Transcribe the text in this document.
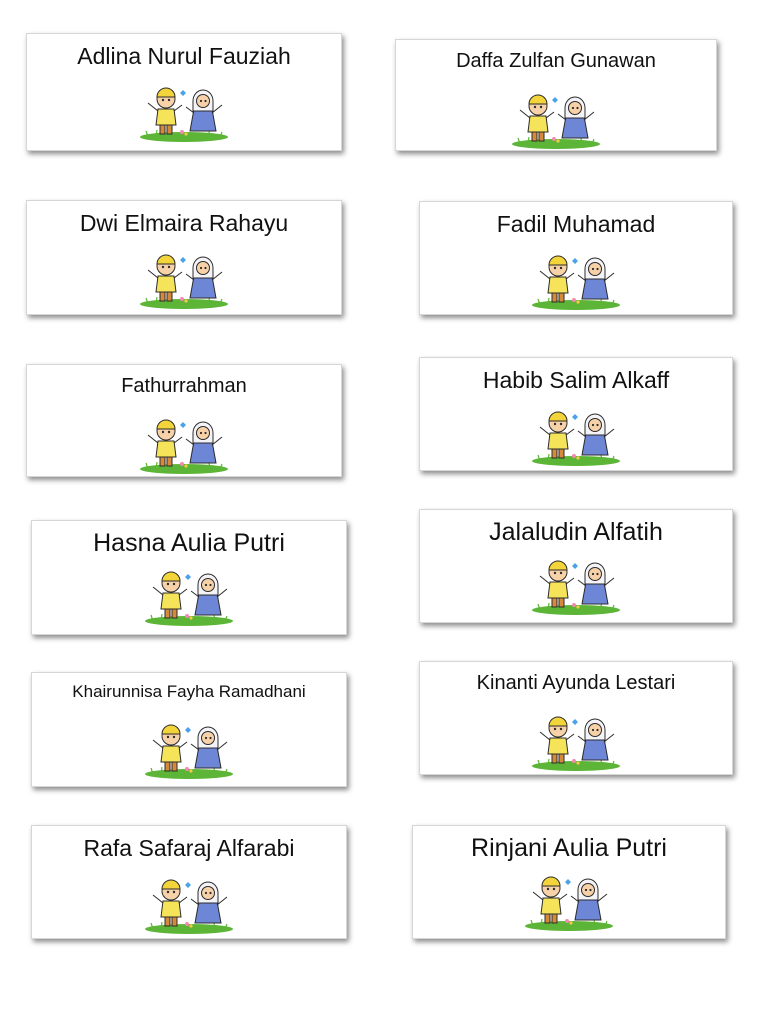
Adlina Nurul Fauziah	Daffa Zulfan Gunawan
Dwi Elmaira Rahayu	Fadil Muhamad
Fathurrahman	Habib Salim Alkaff
Hasna Aulia Putri	Jalaludin Alfatih
Khairunnisa Fayha Ramadhani	Kinanti Ayunda Lestari
Rafa Safaraj Alfarabi	Rinjani Aulia Putri
